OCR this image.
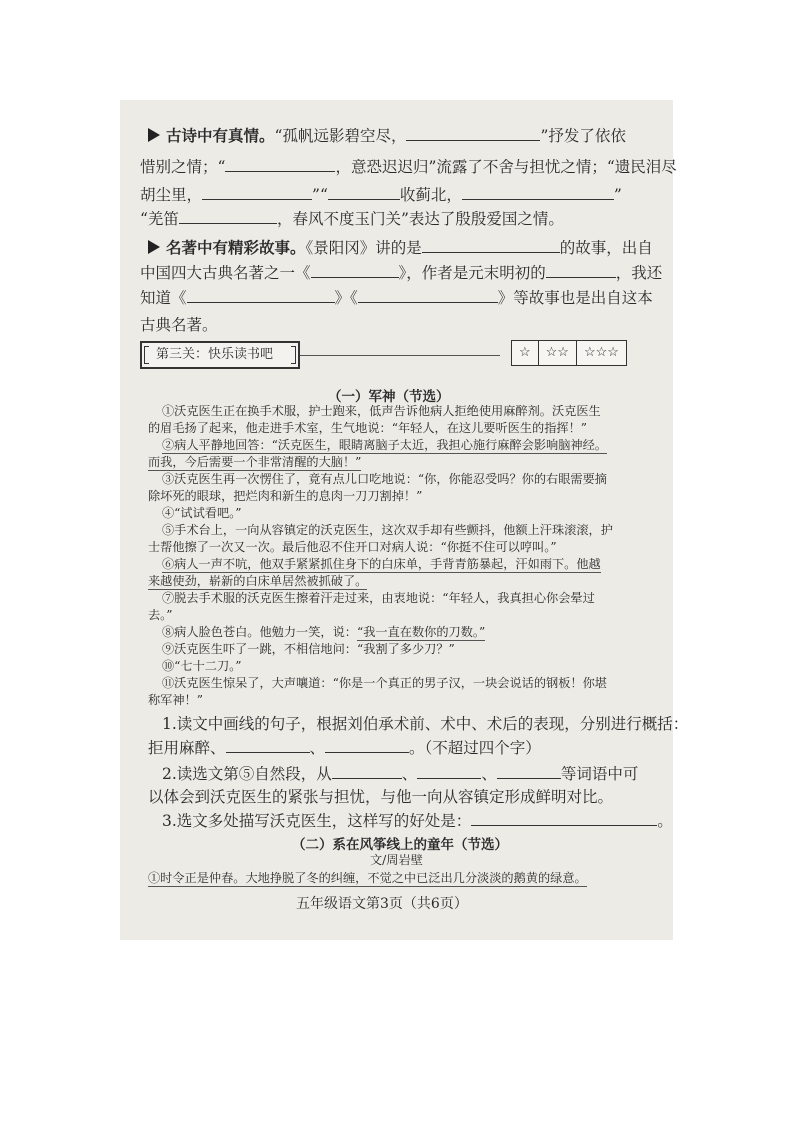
古诗中有真情。“孤帆远影碧空尽，	”抒发了依依
惜别之情；“	，意恐迟迟归”流露了不舍与担忧之情；“遗民泪尽
胡尘里，	”“	收蓟北，	”
“羌笛	，春风不度玉门关”表达了殷殷爱国之情。
名著中有精彩故事。《景阳冈》讲的是	的故事，出自
中国四大古典名著之一《	》，作者是元末明初的	，我还
知道《	》《	》等故事也是出自这本
古典名著。
第三关：快乐读书吧	☆	☆☆	☆☆☆
（一）军神（节选）
①沃克医生正在换手术服，护士跑来，低声告诉他病人拒绝使用麻醉剂。沃克医生
的眉毛扬了起来，他走进手术室，生气地说：“年轻人，在这儿要听医生的指挥！”
②病人平静地回答：“沃克医生，眼睛离脑子太近，我担心施行麻醉会影响脑神经。
而我，今后需要一个非常清醒的大脑！”
③沃克医生再一次愣住了，竟有点儿口吃地说：“你，你能忍受吗？你的右眼需要摘
除坏死的眼球，把烂肉和新生的息肉一刀刀割掉！”
④“试试看吧。”
⑤手术台上，一向从容镇定的沃克医生，这次双手却有些颤抖，他额上汗珠滚滚，护
士帮他擦了一次又一次。最后他忍不住开口对病人说：“你挺不住可以哼叫。”
⑥病人一声不吭，他双手紧紧抓住身下的白床单，手背青筋暴起，汗如雨下。他越
来越使劲，崭新的白床单居然被抓破了。
⑦脱去手术服的沃克医生擦着汗走过来，由衷地说：“年轻人，我真担心你会晕过
去。”
⑧病人脸色苍白。他勉力一笑，说：“我一直在数你的刀数。”
⑨沃克医生吓了一跳，不相信地问：“我割了多少刀？”
⑩“七十二刀。”
⑪沃克医生惊呆了，大声嚷道：“你是一个真正的男子汉，一块会说话的钢板！你堪
称军神！”
1.读文中画线的句子，根据刘伯承术前、术中、术后的表现，分别进行概括：
拒用麻醉、	、	。（不超过四个字）
2.读选文第⑤自然段，从	、	、	等词语中可
以体会到沃克医生的紧张与担忧，与他一向从容镇定形成鲜明对比。
3.选文多处描写沃克医生，这样写的好处是：	。
（二）系在风筝线上的童年（节选）
文/周岩壁
①时令正是仲春。大地挣脱了冬的纠缠，不觉之中已泛出几分淡淡的鹅黄的绿意。
五年级语文第3页（共6页）
